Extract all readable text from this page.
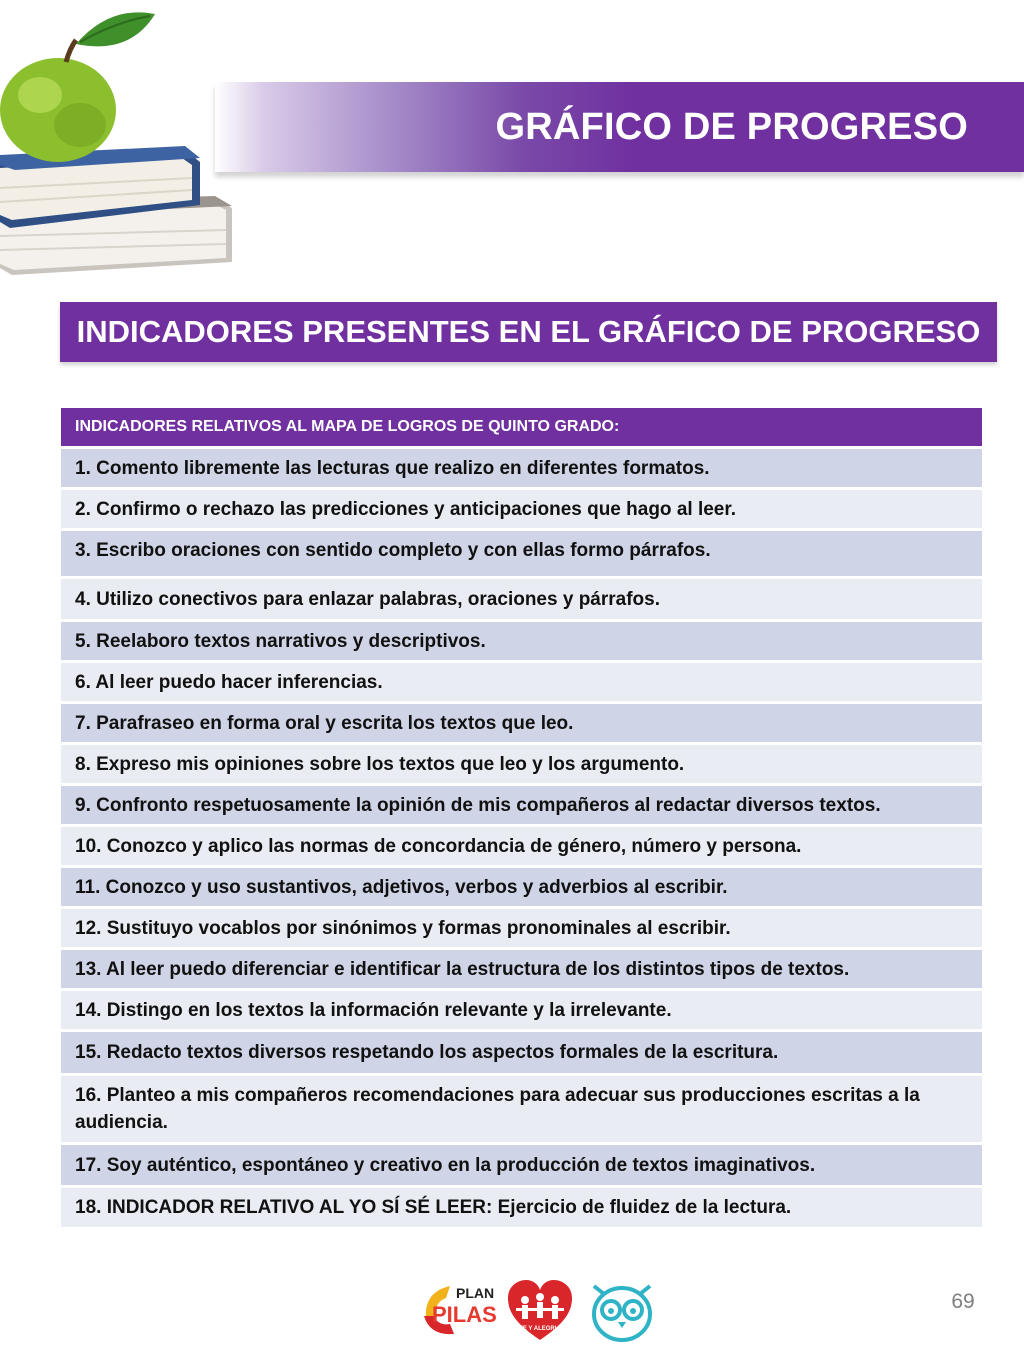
GRÁFICO DE PROGRESO
INDICADORES PRESENTES EN EL GRÁFICO DE PROGRESO
INDICADORES RELATIVOS AL MAPA DE LOGROS DE QUINTO GRADO:
1. Comento libremente las lecturas que realizo en diferentes formatos.
2. Confirmo o rechazo las predicciones y anticipaciones que hago al leer.
3. Escribo oraciones con sentido completo y con ellas formo párrafos.
4. Utilizo conectivos para enlazar palabras, oraciones y párrafos.
5. Reelaboro textos narrativos y descriptivos.
6. Al leer puedo hacer inferencias.
7. Parafraseo en forma oral y escrita los textos que leo.
8. Expreso mis opiniones sobre los textos que leo y los argumento.
9. Confronto respetuosamente la opinión de mis compañeros al redactar diversos textos.
10. Conozco y aplico las normas de concordancia de género, número y persona.
11. Conozco y uso sustantivos, adjetivos, verbos y adverbios al escribir.
12. Sustituyo vocablos por sinónimos y formas pronominales al escribir.
13. Al leer puedo diferenciar e identificar la estructura de los distintos tipos de textos.
14. Distingo en los textos la información relevante y la irrelevante.
15. Redacto textos diversos respetando los aspectos formales de la escritura.
16. Planteo a mis compañeros recomendaciones para adecuar sus producciones escritas a la audiencia.
17. Soy auténtico, espontáneo y creativo en la producción de textos imaginativos.
18. INDICADOR RELATIVO AL YO SÍ SÉ LEER: Ejercicio de fluidez de la lectura.
PLAN
PILAS
FE Y ALEGRIA
69
